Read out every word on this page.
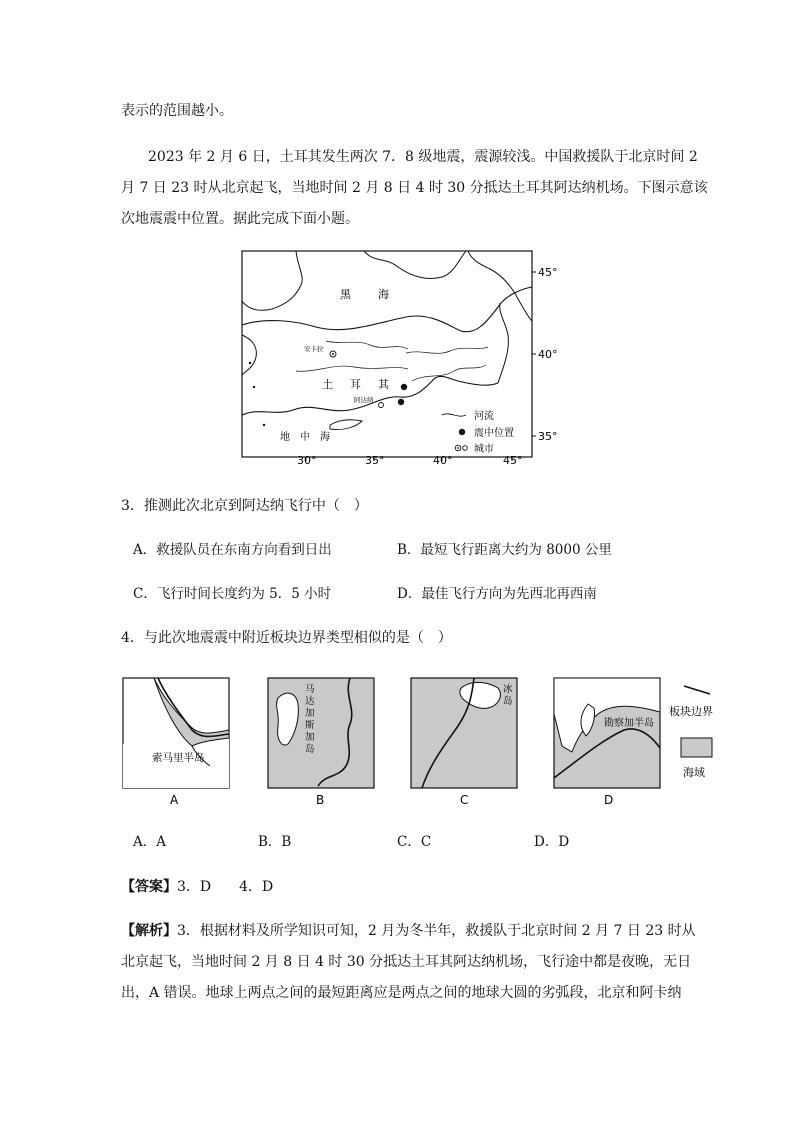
表示的范围越小。
2023 年 2 月 6 日，土耳其发生两次 7．8 级地震，震源较浅。中国救援队于北京时间 2
月 7 日 23 时从北京起飞，当地时间 2 月 8 日 4 时 30 分抵达土耳其阿达纳机场。下图示意该
次地震震中位置。据此完成下面小题。
黑 海
地 中 海
土 耳 其
安卡拉
阿达纳
45°
40°
35°
30°	35°	40°	45°
河流
震中位置
城市
3．推测此次北京到阿达纳飞行中（　）
A．救援队员在东南方向看到日出	B．最短飞行距离大约为 8000 公里
C．飞行时间长度约为 5．5 小时	D．最佳飞行方向为先西北再西南
4．与此次地震震中附近板块边界类型相似的是（　）
索马里半岛
A
马
达
加
斯
加
岛
B
冰
岛
C
勘察加半岛
D
板块边界
海域
A．A	B．B	C．C	D．D
【答案】3．D　　4．D
【解析】3．根据材料及所学知识可知，2 月为冬半年，救援队于北京时间 2 月 7 日 23 时从
北京起飞，当地时间 2 月 8 日 4 时 30 分抵达土耳其阿达纳机场，飞行途中都是夜晚，无日
出，A 错误。地球上两点之间的最短距离应是两点之间的地球大圆的劣弧段，北京和阿卡纳
